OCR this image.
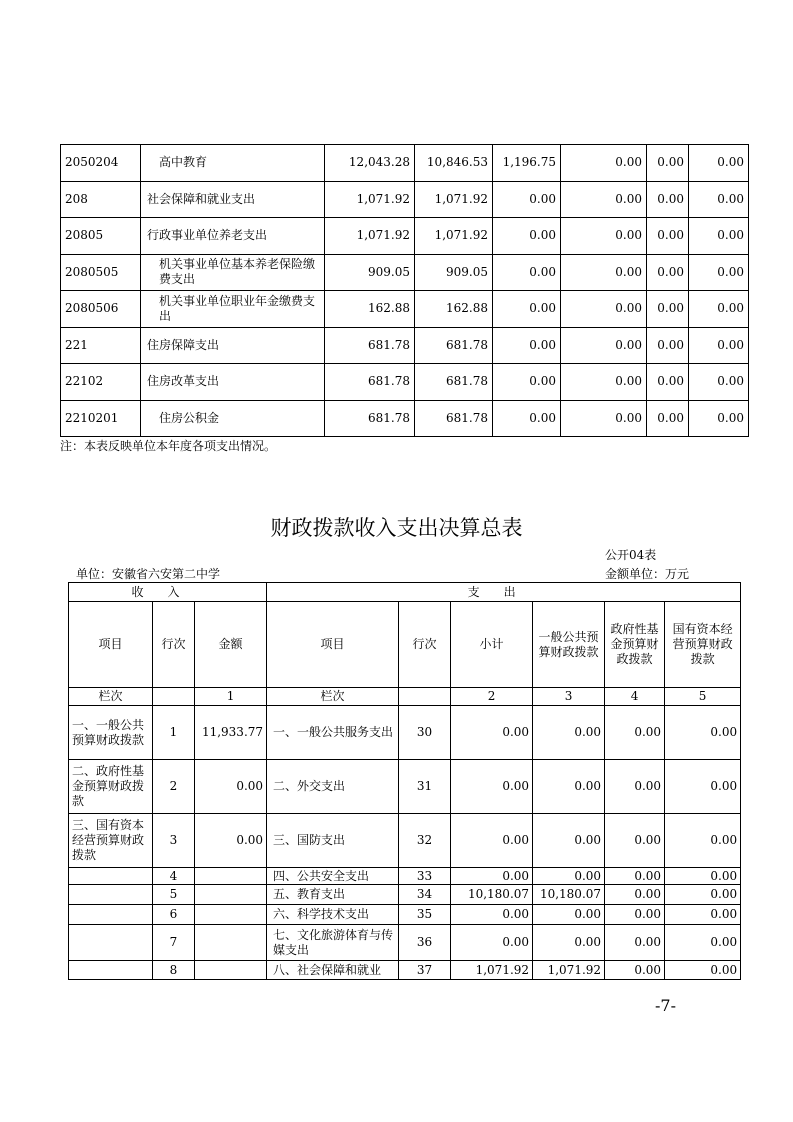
2050204	高中教育	12,043.28	10,846.53	1,196.75	0.00	0.00	0.00
208	社会保障和就业支出	1,071.92	1,071.92	0.00	0.00	0.00	0.00
20805	行政事业单位养老支出	1,071.92	1,071.92	0.00	0.00	0.00	0.00
2080505	机关事业单位基本养老保险缴费支出	909.05	909.05	0.00	0.00	0.00	0.00
2080506	机关事业单位职业年金缴费支出	162.88	162.88	0.00	0.00	0.00	0.00
221	住房保障支出	681.78	681.78	0.00	0.00	0.00	0.00
22102	住房改革支出	681.78	681.78	0.00	0.00	0.00	0.00
2210201	住房公积金	681.78	681.78	0.00	0.00	0.00	0.00
注：本表反映单位本年度各项支出情况。
财政拨款收入支出决算总表
公开04表
单位：安徽省六安第二中学	金额单位：万元
收入			支出					
项目	行次	金额	项目	行次	小计	一般公共预算财政拨款	政府性基金预算财政拨款	国有资本经营预算财政拨款
栏次		1	栏次		2	3	4	5
一、一般公共预算财政拨款	1	11,933.77	一、一般公共服务支出	30	0.00	0.00	0.00	0.00
二、政府性基金预算财政拨款	2	0.00	二、外交支出	31	0.00	0.00	0.00	0.00
三、国有资本经营预算财政拨款	3	0.00	三、国防支出	32	0.00	0.00	0.00	0.00
	4		四、公共安全支出	33	0.00	0.00	0.00	0.00
	5		五、教育支出	34	10,180.07	10,180.07	0.00	0.00
	6		六、科学技术支出	35	0.00	0.00	0.00	0.00
	7		七、文化旅游体育与传媒支出	36	0.00	0.00	0.00	0.00
	8		八、社会保障和就业	37	1,071.92	1,071.92	0.00	0.00
-7-
